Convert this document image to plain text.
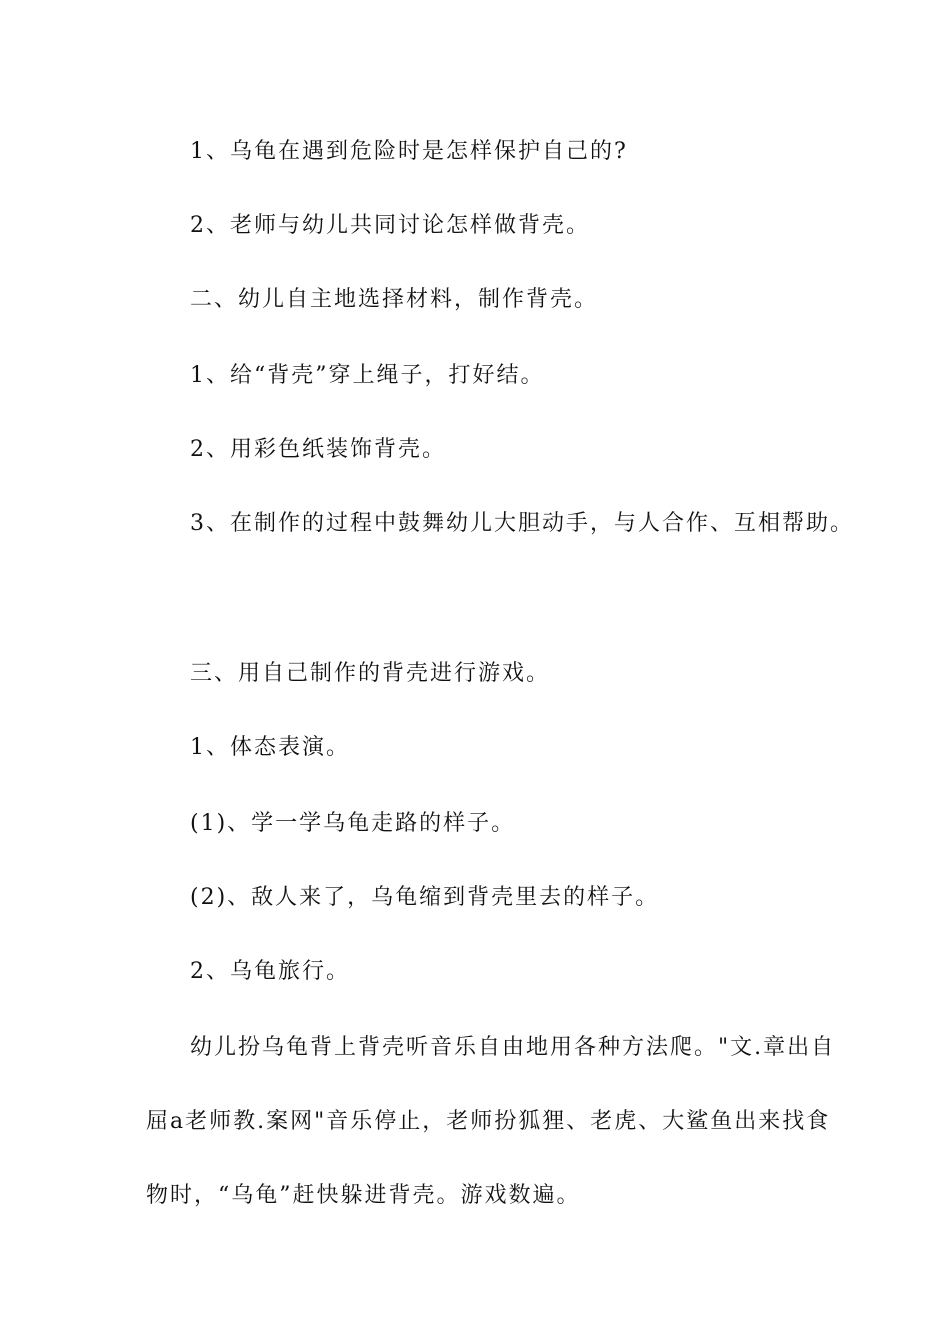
1、乌龟在遇到危险时是怎样保护自己的?
2、老师与幼儿共同讨论怎样做背壳。
二、幼儿自主地选择材料，制作背壳。
1、给“背壳”穿上绳子，打好结。
2、用彩色纸装饰背壳。
3、在制作的过程中鼓舞幼儿大胆动手，与人合作、互相帮助。
三、用自己制作的背壳进行游戏。
1、体态表演。
(1)、学一学乌龟走路的样子。
(2)、敌人来了，乌龟缩到背壳里去的样子。
2、乌龟旅行。
幼儿扮乌龟背上背壳听音乐自由地用各种方法爬。"文.章出自
屈a老师教.案网"音乐停止，老师扮狐狸、老虎、大鲨鱼出来找食
物时，“乌龟”赶快躲进背壳。游戏数遍。
